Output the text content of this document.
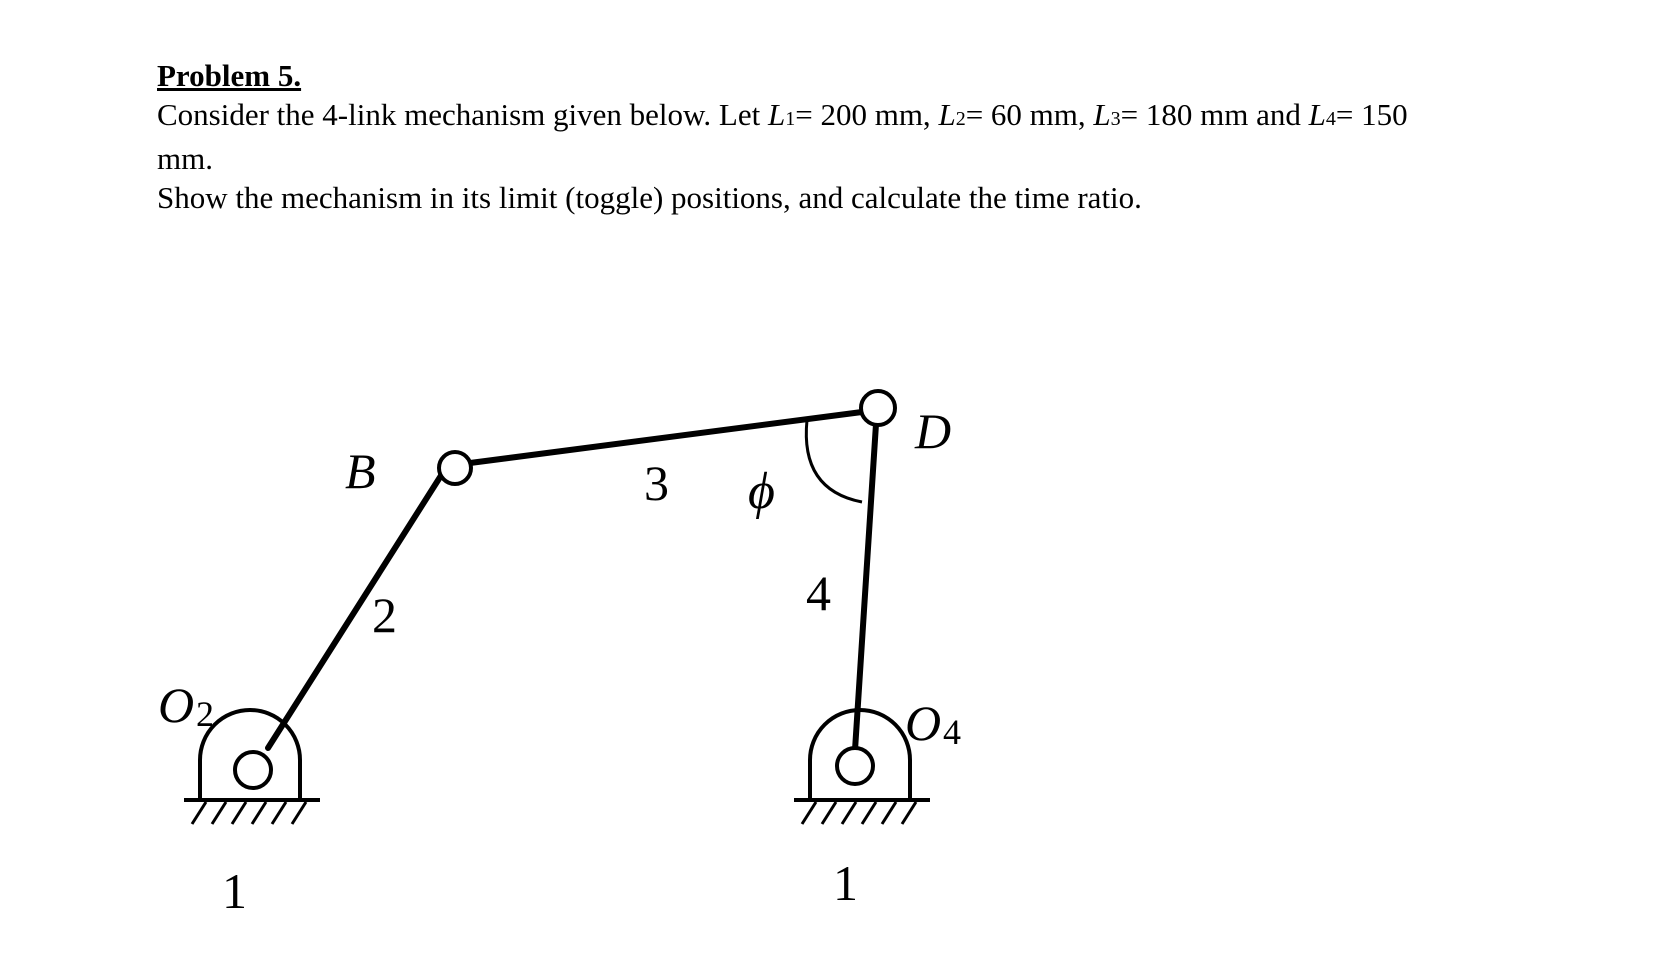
Problem 5.
Consider the 4-link mechanism given below. Let L1= 200 mm, L2= 60 mm, L3= 180 mm and L4= 150
mm.
Show the mechanism in its limit (toggle) positions, and calculate the time ratio.
B
D
3 ϕ
2	4
O 2	O 4
1	1
